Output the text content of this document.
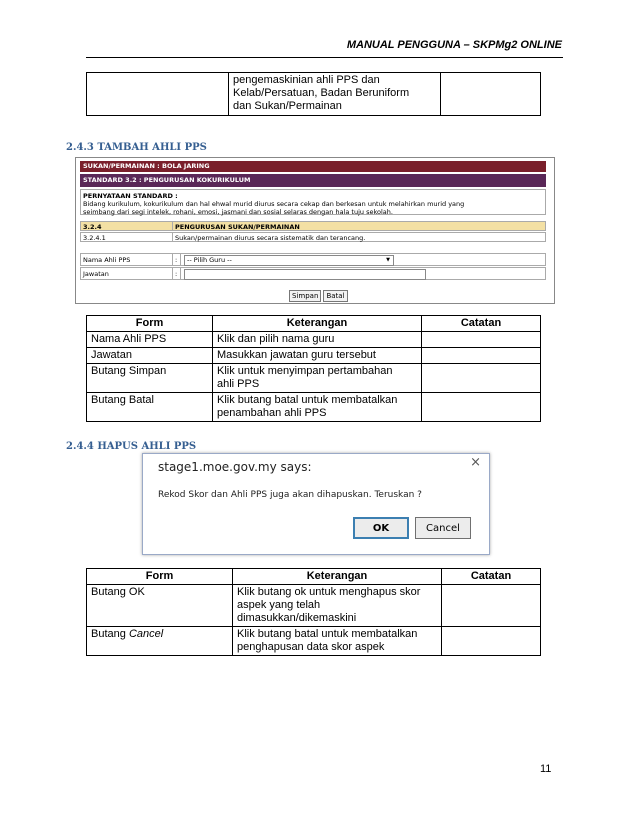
MANUAL PENGGUNA – SKPMg2 ONLINE

pengemaskinian ahli PPS dan
Kelab/Persatuan, Badan Beruniform
dan Sukan/Permainan

2.4.3 TAMBAH AHLI PPS
SUKAN/PERMAINAN : BOLA JARING
STANDARD 3.2 : PENGURUSAN KOKURIKULUM
PERNYATAAN STANDARD :
Bidang kurikulum, kokurikulum dan hal ehwal murid diurus secara cekap dan berkesan untuk melahirkan murid yang
seimbang dari segi intelek, rohani, emosi, jasmani dan sosial selaras dengan hala tuju sekolah.
3.2.4	PENGURUSAN SUKAN/PERMAINAN
3.2.4.1	Sukan/permainan diurus secara sistematik dan terancang.
Nama Ahli PPS	:	-- Pilih Guru --	▼
Jawatan	:
Simpan Batal
Form	Keterangan	Catatan
Nama Ahli PPS	Klik dan pilih nama guru	
Jawatan	Masukkan jawatan guru tersebut	
Butang Simpan	Klik untuk menyimpan pertambahan
ahli PPS	

Butang Batal	Klik butang batal untuk membatalkan
penambahan ahli PPS	

2.4.4 HAPUS AHLI PPS
stage1.moe.gov.my says:	×
Rekod Skor dan Ahli PPS juga akan dihapuskan. Teruskan ?
OK	Cancel
Form	Keterangan	Catatan
Butang OK	Klik butang ok untuk menghapus skor
aspek yang telah
dimasukkan/dikemaskini	

Butang Cancel	Klik butang batal untuk membatalkan
penghapusan data skor aspek	

11
